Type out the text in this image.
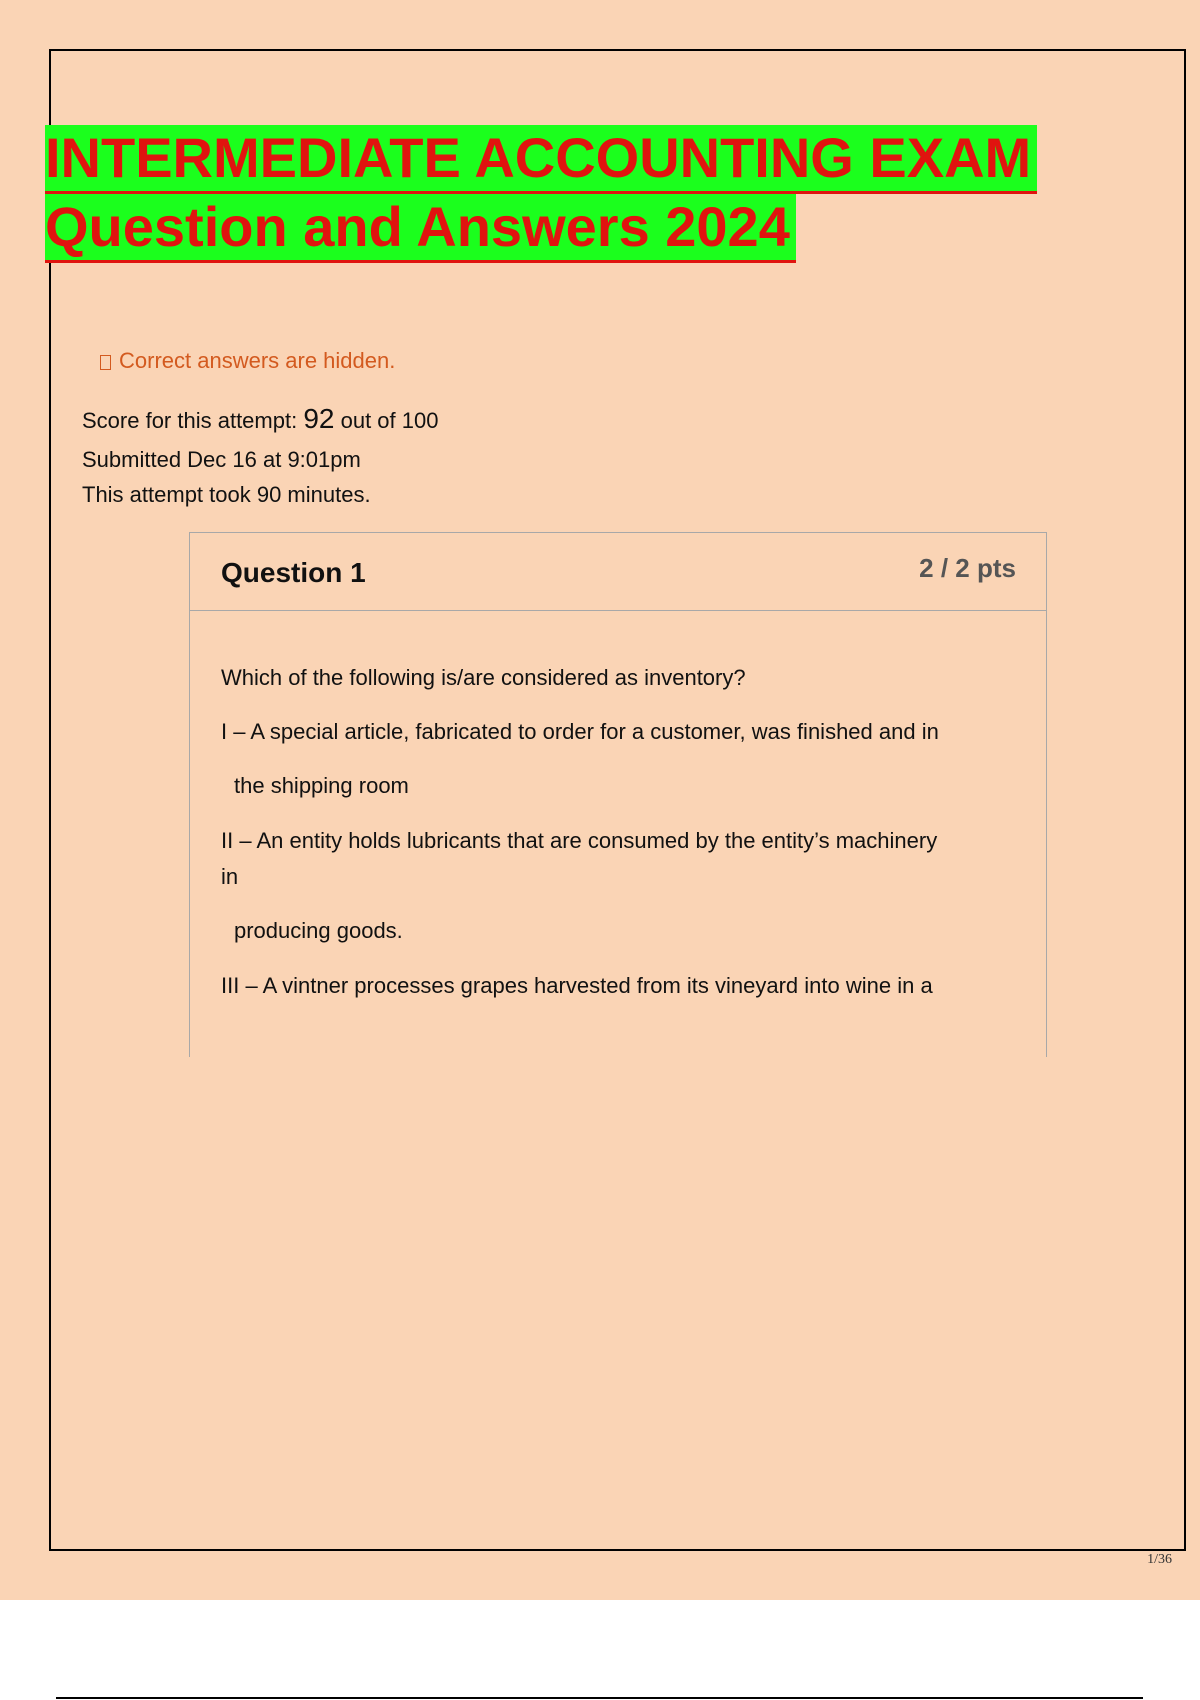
INTERMEDIATE ACCOUNTING EXAM
Question and Answers 2024
Correct answers are hidden.
Score for this attempt: 92 out of 100
Submitted Dec 16 at 9:01pm
This attempt took 90 minutes.
Question 1	2 / 2 pts

Which of the following is/are considered as inventory?

I – A special article, fabricated to order for a customer, was finished and in

the shipping room

II – An entity holds lubricants that are consumed by the entity’s machinery

in

producing goods.

III – A vintner processes grapes harvested from its vineyard into wine in a

1/36
